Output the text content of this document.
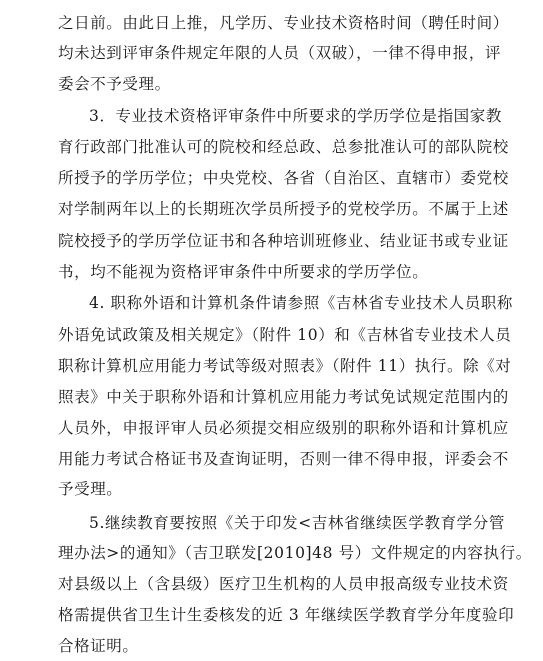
之日前。由此日上推，凡学历、专业技术资格时间（聘任时间）
均未达到评审条件规定年限的人员（双破），一律不得申报，评
委会不予受理。
3．专业技术资格评审条件中所要求的学历学位是指国家教
育行政部门批准认可的院校和经总政、总参批准认可的部队院校
所授予的学历学位；中央党校、各省（自治区、直辖市）委党校
对学制两年以上的长期班次学员所授予的党校学历。不属于上述
院校授予的学历学位证书和各种培训班修业、结业证书或专业证
书，均不能视为资格评审条件中所要求的学历学位。
4. 职称外语和计算机条件请参照《吉林省专业技术人员职称
外语免试政策及相关规定》（附件 10）和《吉林省专业技术人员
职称计算机应用能力考试等级对照表》（附件 11）执行。除《对
照表》中关于职称外语和计算机应用能力考试免试规定范围内的
人员外，申报评审人员必须提交相应级别的职称外语和计算机应
用能力考试合格证书及查询证明，否则一律不得申报，评委会不
予受理。
5.继续教育要按照《关于印发<吉林省继续医学教育学分管
理办法>的通知》（吉卫联发[2010]48 号）文件规定的内容执行。
对县级以上（含县级）医疗卫生机构的人员申报高级专业技术资
格需提供省卫生计生委核发的近 3 年继续医学教育学分年度验印
合格证明。
